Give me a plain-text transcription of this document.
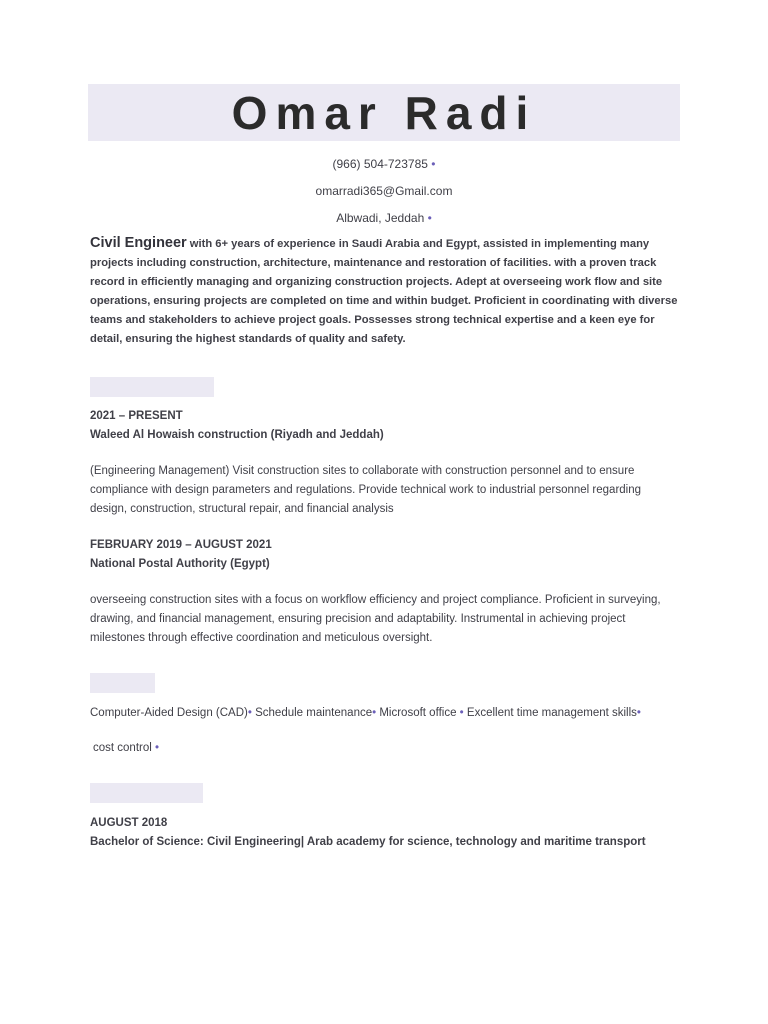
Omar Radi
(966) 504-723785 •
omarradi365@Gmail.com
Albwadi, Jeddah •
Civil Engineer with 6+ years of experience in Saudi Arabia and Egypt, assisted in implementing many projects including construction, architecture, maintenance and restoration of facilities. with a proven track record in efficiently managing and organizing construction projects. Adept at overseeing work flow and site operations, ensuring projects are completed on time and within budget. Proficient in coordinating with diverse teams and stakeholders to achieve project goals. Possesses strong technical expertise and a keen eye for detail, ensuring the highest standards of quality and safety.
2021 – PRESENT
Waleed Al Howaish construction (Riyadh and Jeddah)
(Engineering Management) Visit construction sites to collaborate with construction personnel and to ensure compliance with design parameters and regulations. Provide technical work to industrial personnel regarding design, construction, structural repair, and financial analysis
FEBRUARY 2019 – AUGUST 2021
National Postal Authority (Egypt)
overseeing construction sites with a focus on workflow efficiency and project compliance. Proficient in surveying, drawing, and financial management, ensuring precision and adaptability. Instrumental in achieving project milestones through effective coordination and meticulous oversight.
Computer-Aided Design (CAD)• Schedule maintenance• Microsoft office • Excellent time management skills•
cost control •
AUGUST 2018
Bachelor of Science: Civil Engineering| Arab academy for science, technology and maritime transport
